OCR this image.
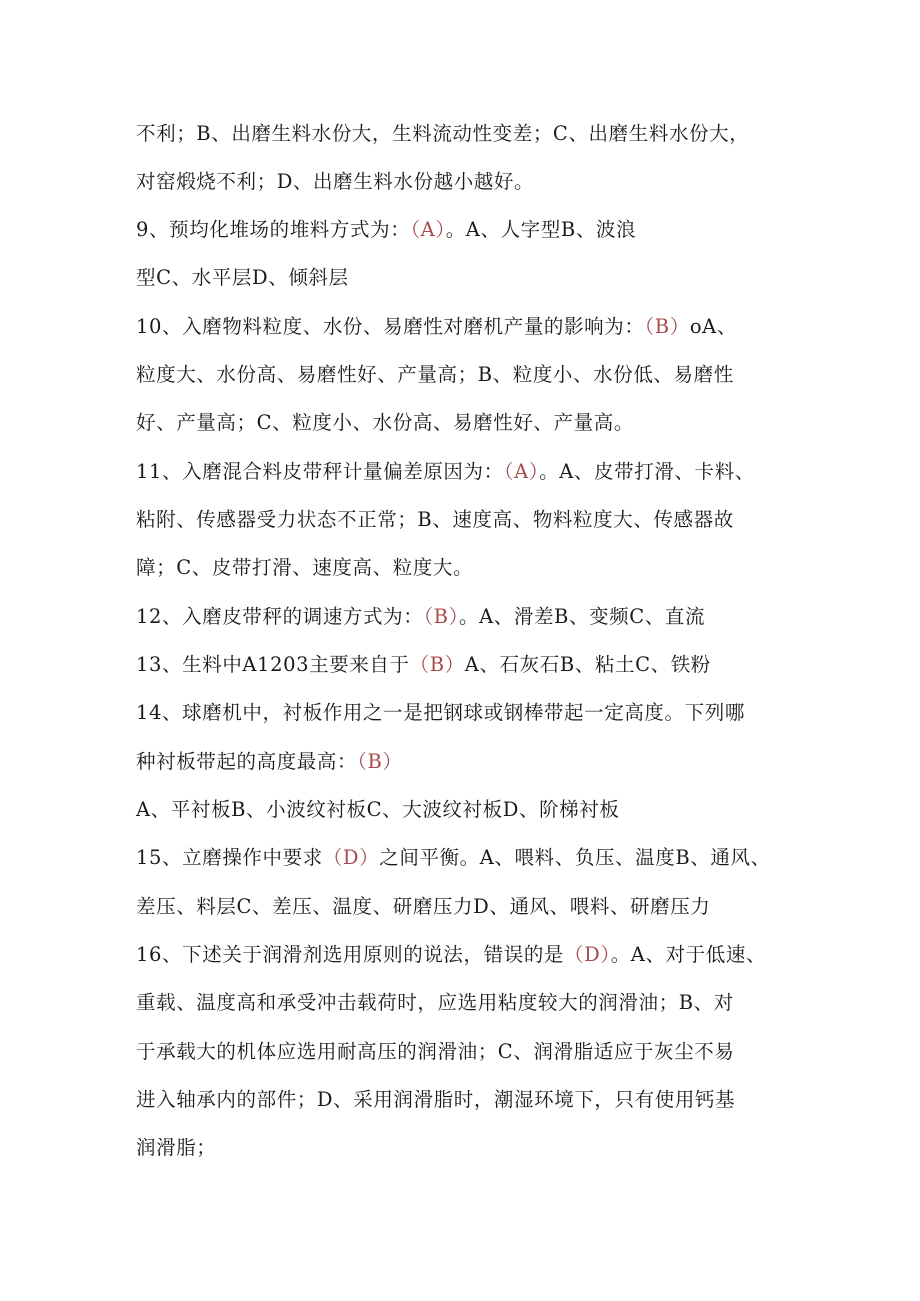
不利；B、出磨生料水份大，生料流动性变差；C、出磨生料水份大，
对窑煅烧不利；D、出磨生料水份越小越好。
9、预均化堆场的堆料方式为：（A）。A、人字型B、波浪
型C、水平层D、倾斜层
10、入磨物料粒度、水份、易磨性对磨机产量的影响为：（B）oA、
粒度大、水份高、易磨性好、产量高；B、粒度小、水份低、易磨性
好、产量高；C、粒度小、水份高、易磨性好、产量高。
11、入磨混合料皮带秤计量偏差原因为：（A）。A、皮带打滑、卡料、
粘附、传感器受力状态不正常；B、速度高、物料粒度大、传感器故
障；C、皮带打滑、速度高、粒度大。
12、入磨皮带秤的调速方式为：（B）。A、滑差B、变频C、直流
13、生料中A1203主要来自于（B）A、石灰石B、粘土C、铁粉
14、球磨机中，衬板作用之一是把钢球或钢棒带起一定高度。下列哪
种衬板带起的高度最高：（B）
A、平衬板B、小波纹衬板C、大波纹衬板D、阶梯衬板
15、立磨操作中要求（D）之间平衡。A、喂料、负压、温度B、通风、
差压、料层C、差压、温度、研磨压力D、通风、喂料、研磨压力
16、下述关于润滑剂选用原则的说法，错误的是（D）。A、对于低速、
重载、温度高和承受冲击载荷时，应选用粘度较大的润滑油；B、对
于承载大的机体应选用耐高压的润滑油；C、润滑脂适应于灰尘不易
进入轴承内的部件；D、采用润滑脂时，潮湿环境下，只有使用钙基
润滑脂；
